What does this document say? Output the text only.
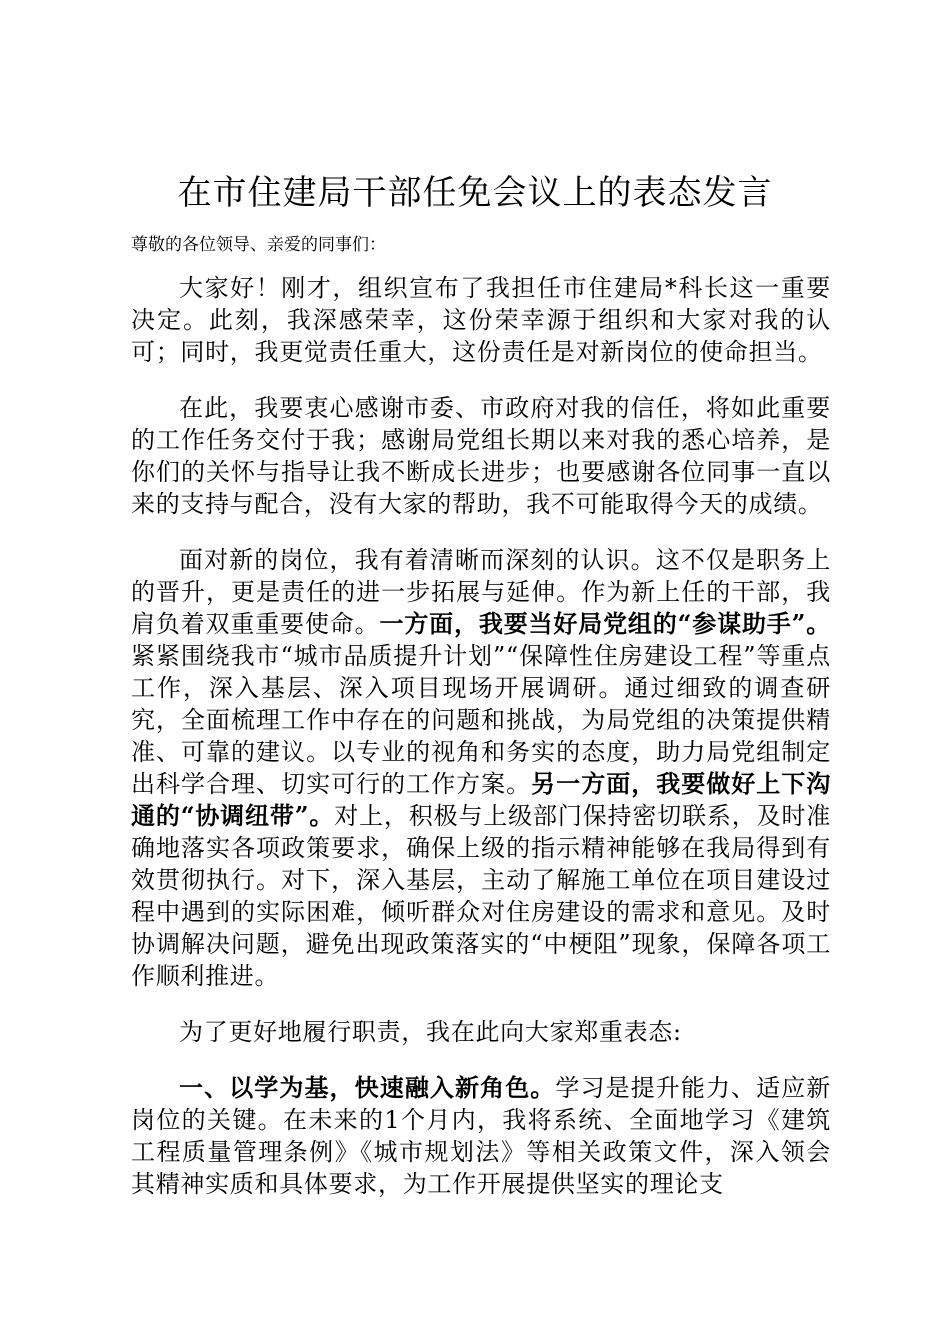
在市住建局干部任免会议上的表态发言

尊敬的各位领导、亲爱的同事们：

大家好！刚才，组织宣布了我担任市住建局*科长这一重要决定。此刻，我深感荣幸，这份荣幸源于组织和大家对我的认可；同时，我更觉责任重大，这份责任是对新岗位的使命担当。

在此，我要衷心感谢市委、市政府对我的信任，将如此重要的工作任务交付于我；感谢局党组长期以来对我的悉心培养，是你们的关怀与指导让我不断成长进步；也要感谢各位同事一直以来的支持与配合，没有大家的帮助，我不可能取得今天的成绩。

面对新的岗位，我有着清晰而深刻的认识。这不仅是职务上的晋升，更是责任的进一步拓展与延伸。作为新上任的干部，我肩负着双重重要使命。一方面，我要当好局党组的“参谋助手”。紧紧围绕我市“城市品质提升计划”“保障性住房建设工程”等重点工作，深入基层、深入项目现场开展调研。通过细致的调查研究，全面梳理工作中存在的问题和挑战，为局党组的决策提供精准、可靠的建议。以专业的视角和务实的态度，助力局党组制定出科学合理、切实可行的工作方案。另一方面，我要做好上下沟通的“协调纽带”。对上，积极与上级部门保持密切联系，及时准确地落实各项政策要求，确保上级的指示精神能够在我局得到有效贯彻执行。对下，深入基层，主动了解施工单位在项目建设过程中遇到的实际困难，倾听群众对住房建设的需求和意见。及时协调解决问题，避免出现政策落实的“中梗阻”现象，保障各项工作顺利推进。

为了更好地履行职责，我在此向大家郑重表态:

一、以学为基，快速融入新角色。学习是提升能力、适应新岗位的关键。在未来的1个月内，我将系统、全面地学习《建筑工程质量管理条例》《城市规划法》等相关政策文件，深入领会其精神实质和具体要求，为工作开展提供坚实的理论支
